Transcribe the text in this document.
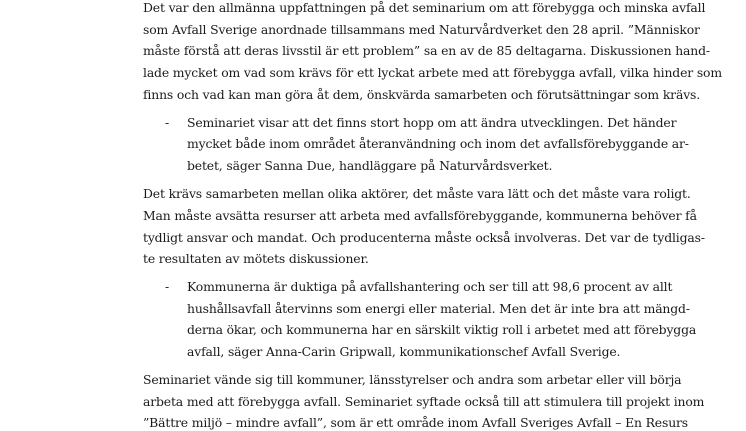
Det var den allmänna uppfattningen på det seminarium om att förebygga och minska avfall
som Avfall Sverige anordnade tillsammans med Naturvårdverket den 28 april. ”Människor
måste förstå att deras livsstil är ett problem” sa en av de 85 deltagarna. Diskussionen hand-
lade mycket om vad som krävs för ett lyckat arbete med att förebygga avfall, vilka hinder som
finns och vad kan man göra åt dem, önskvärda samarbeten och förutsättningar som krävs.
- Seminariet visar att det finns stort hopp om att ändra utvecklingen. Det händer
mycket både inom området återanvändning och inom det avfallsförebyggande ar-
betet, säger Sanna Due, handläggare på Naturvårdsverket.
Det krävs samarbeten mellan olika aktörer, det måste vara lätt och det måste vara roligt.
Man måste avsätta resurser att arbeta med avfallsförebyggande, kommunerna behöver få
tydligt ansvar och mandat. Och producenterna måste också involveras. Det var de tydligas-
te resultaten av mötets diskussioner.
- Kommunerna är duktiga på avfallshantering och ser till att 98,6 procent av allt
hushållsavfall återvinns som energi eller material. Men det är inte bra att mängd-
derna ökar, och kommunerna har en särskilt viktig roll i arbetet med att förebygga
avfall, säger Anna-Carin Gripwall, kommunikationschef Avfall Sverige.
Seminariet vände sig till kommuner, länsstyrelser och andra som arbetar eller vill börja
arbeta med att förebygga avfall. Seminariet syftade också till att stimulera till projekt inom
”Bättre miljö – mindre avfall”, som är ett område inom Avfall Sveriges Avfall – En Resurs
